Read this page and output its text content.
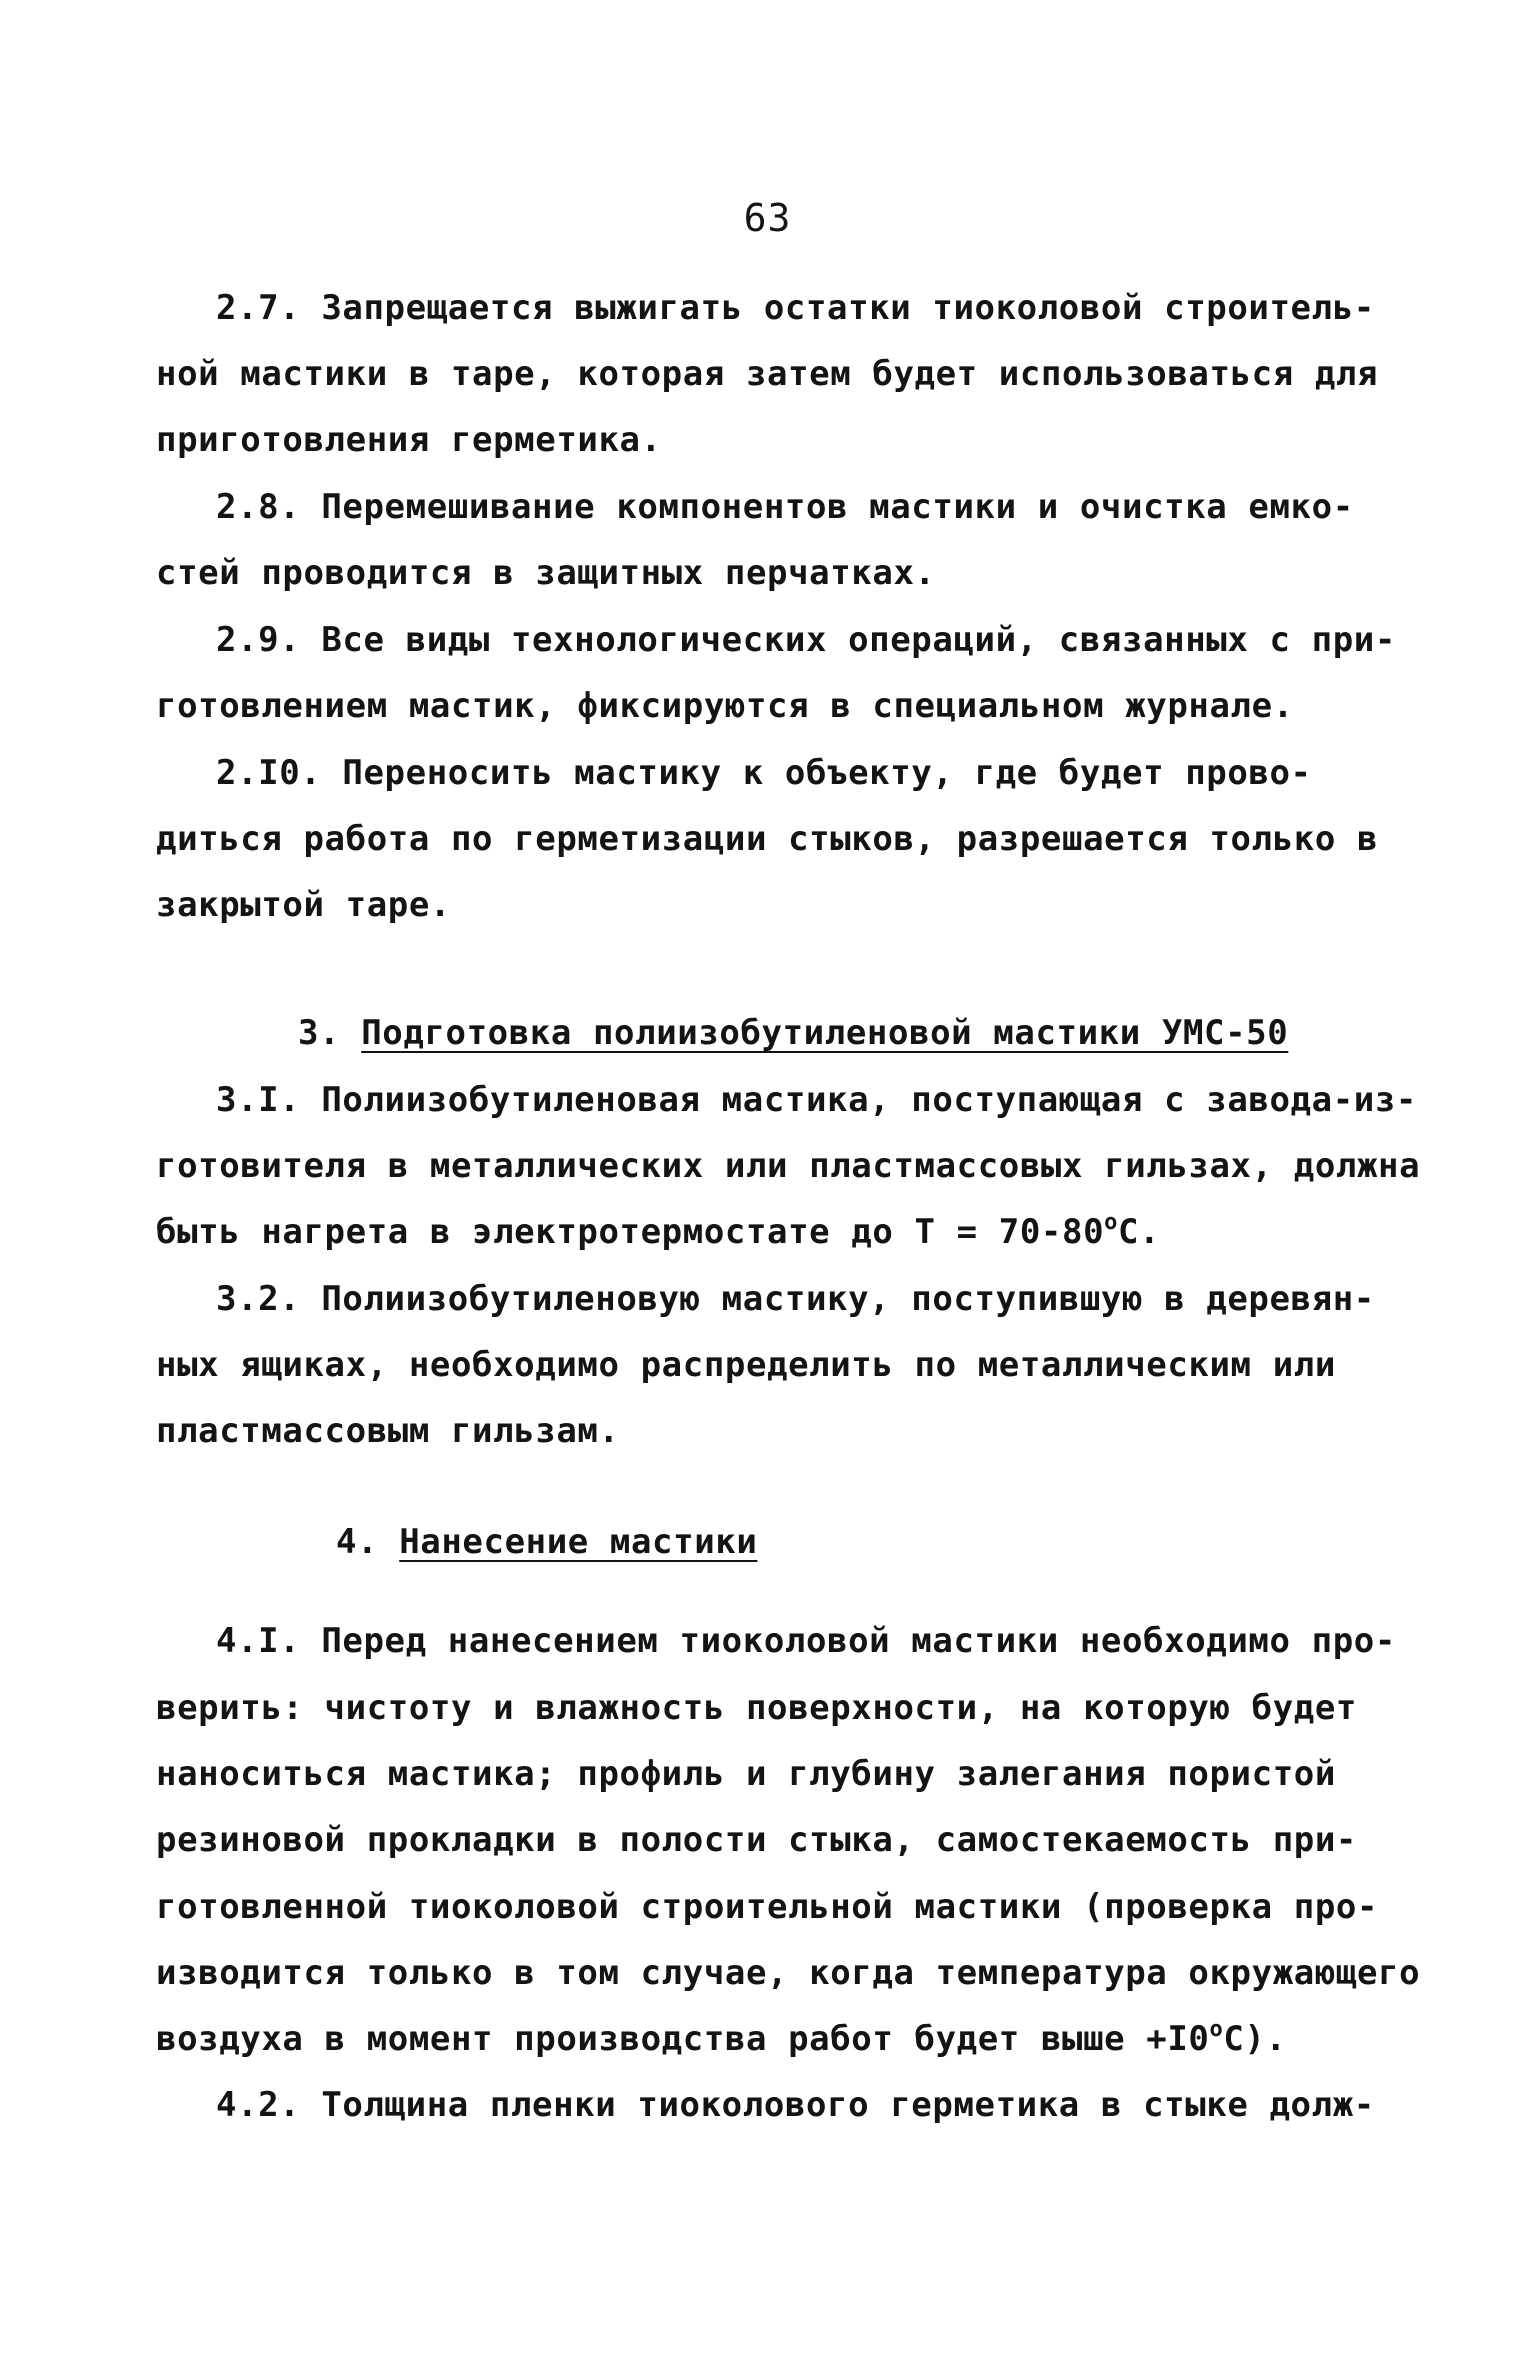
63
2.7. Запрещается выжигать остатки тиоколовой строитель-
ной мастики в таре, которая затем будет использоваться для
приготовления герметика.
2.8. Перемешивание компонентов мастики и очистка емко-
стей проводится в защитных перчатках.
2.9. Все виды технологических операций, связанных с при-
готовлением мастик, фиксируются в специальном журнале.
2.I0. Переносить мастику к объекту, где будет прово-
диться работа по герметизации стыков, разрешается только в
закрытой таре.
3. Подготовка полиизобутиленовой мастики УМС-50
3.I. Полиизобутиленовая мастика, поступающая с завода-из-
готовителя в металлических или пластмассовых гильзах, должна
быть нагрета в электротермостате до $Т = 70-80^оС$.
3.2. Полиизобутиленовую мастику, поступившую в деревян-
ных ящиках, необходимо распределить по металлическим или
пластмассовым гильзам.
4. Нанесение мастики
4.I. Перед нанесением тиоколовой мастики необходимо про-
верить: чистоту и влажность поверхности, на которую будет
наноситься мастика; профиль и глубину залегания пористой
резиновой прокладки в полости стыка, самостекаемость при-
готовленной тиоколовой строительной мастики (проверка про-
изводится только в том случае, когда температура окружающего
воздуха в момент производства работ будет выше $+I0^оС$).
4.2. Толщина пленки тиоколового герметика в стыке долж-
